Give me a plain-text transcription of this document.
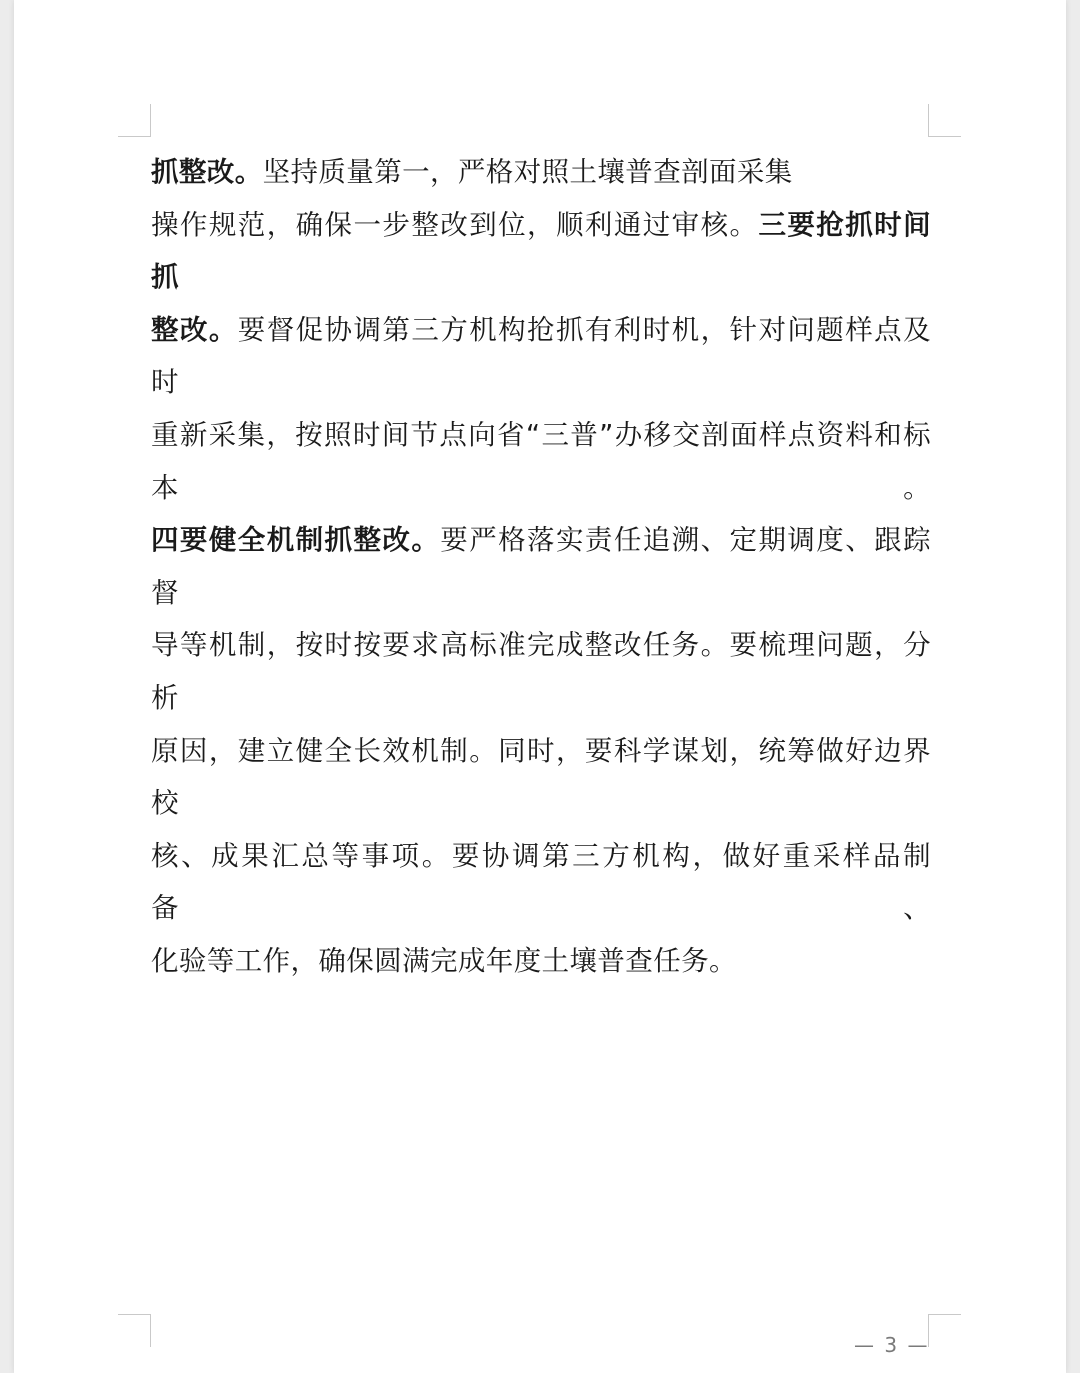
抓整改。坚持质量第一，严格对照土壤普查剖面采集
操作规范，确保一步整改到位，顺利通过审核。三要抢抓时间抓
整改。要督促协调第三方机构抢抓有利时机，针对问题样点及时
重新采集，按照时间节点向省“三普”办移交剖面样点资料和标本。
四要健全机制抓整改。要严格落实责任追溯、定期调度、跟踪督
导等机制，按时按要求高标准完成整改任务。要梳理问题，分析
原因，建立健全长效机制。同时，要科学谋划，统筹做好边界校
核、成果汇总等事项。要协调第三方机构，做好重采样品制备、
化验等工作，确保圆满完成年度土壤普查任务。
— 3 —
